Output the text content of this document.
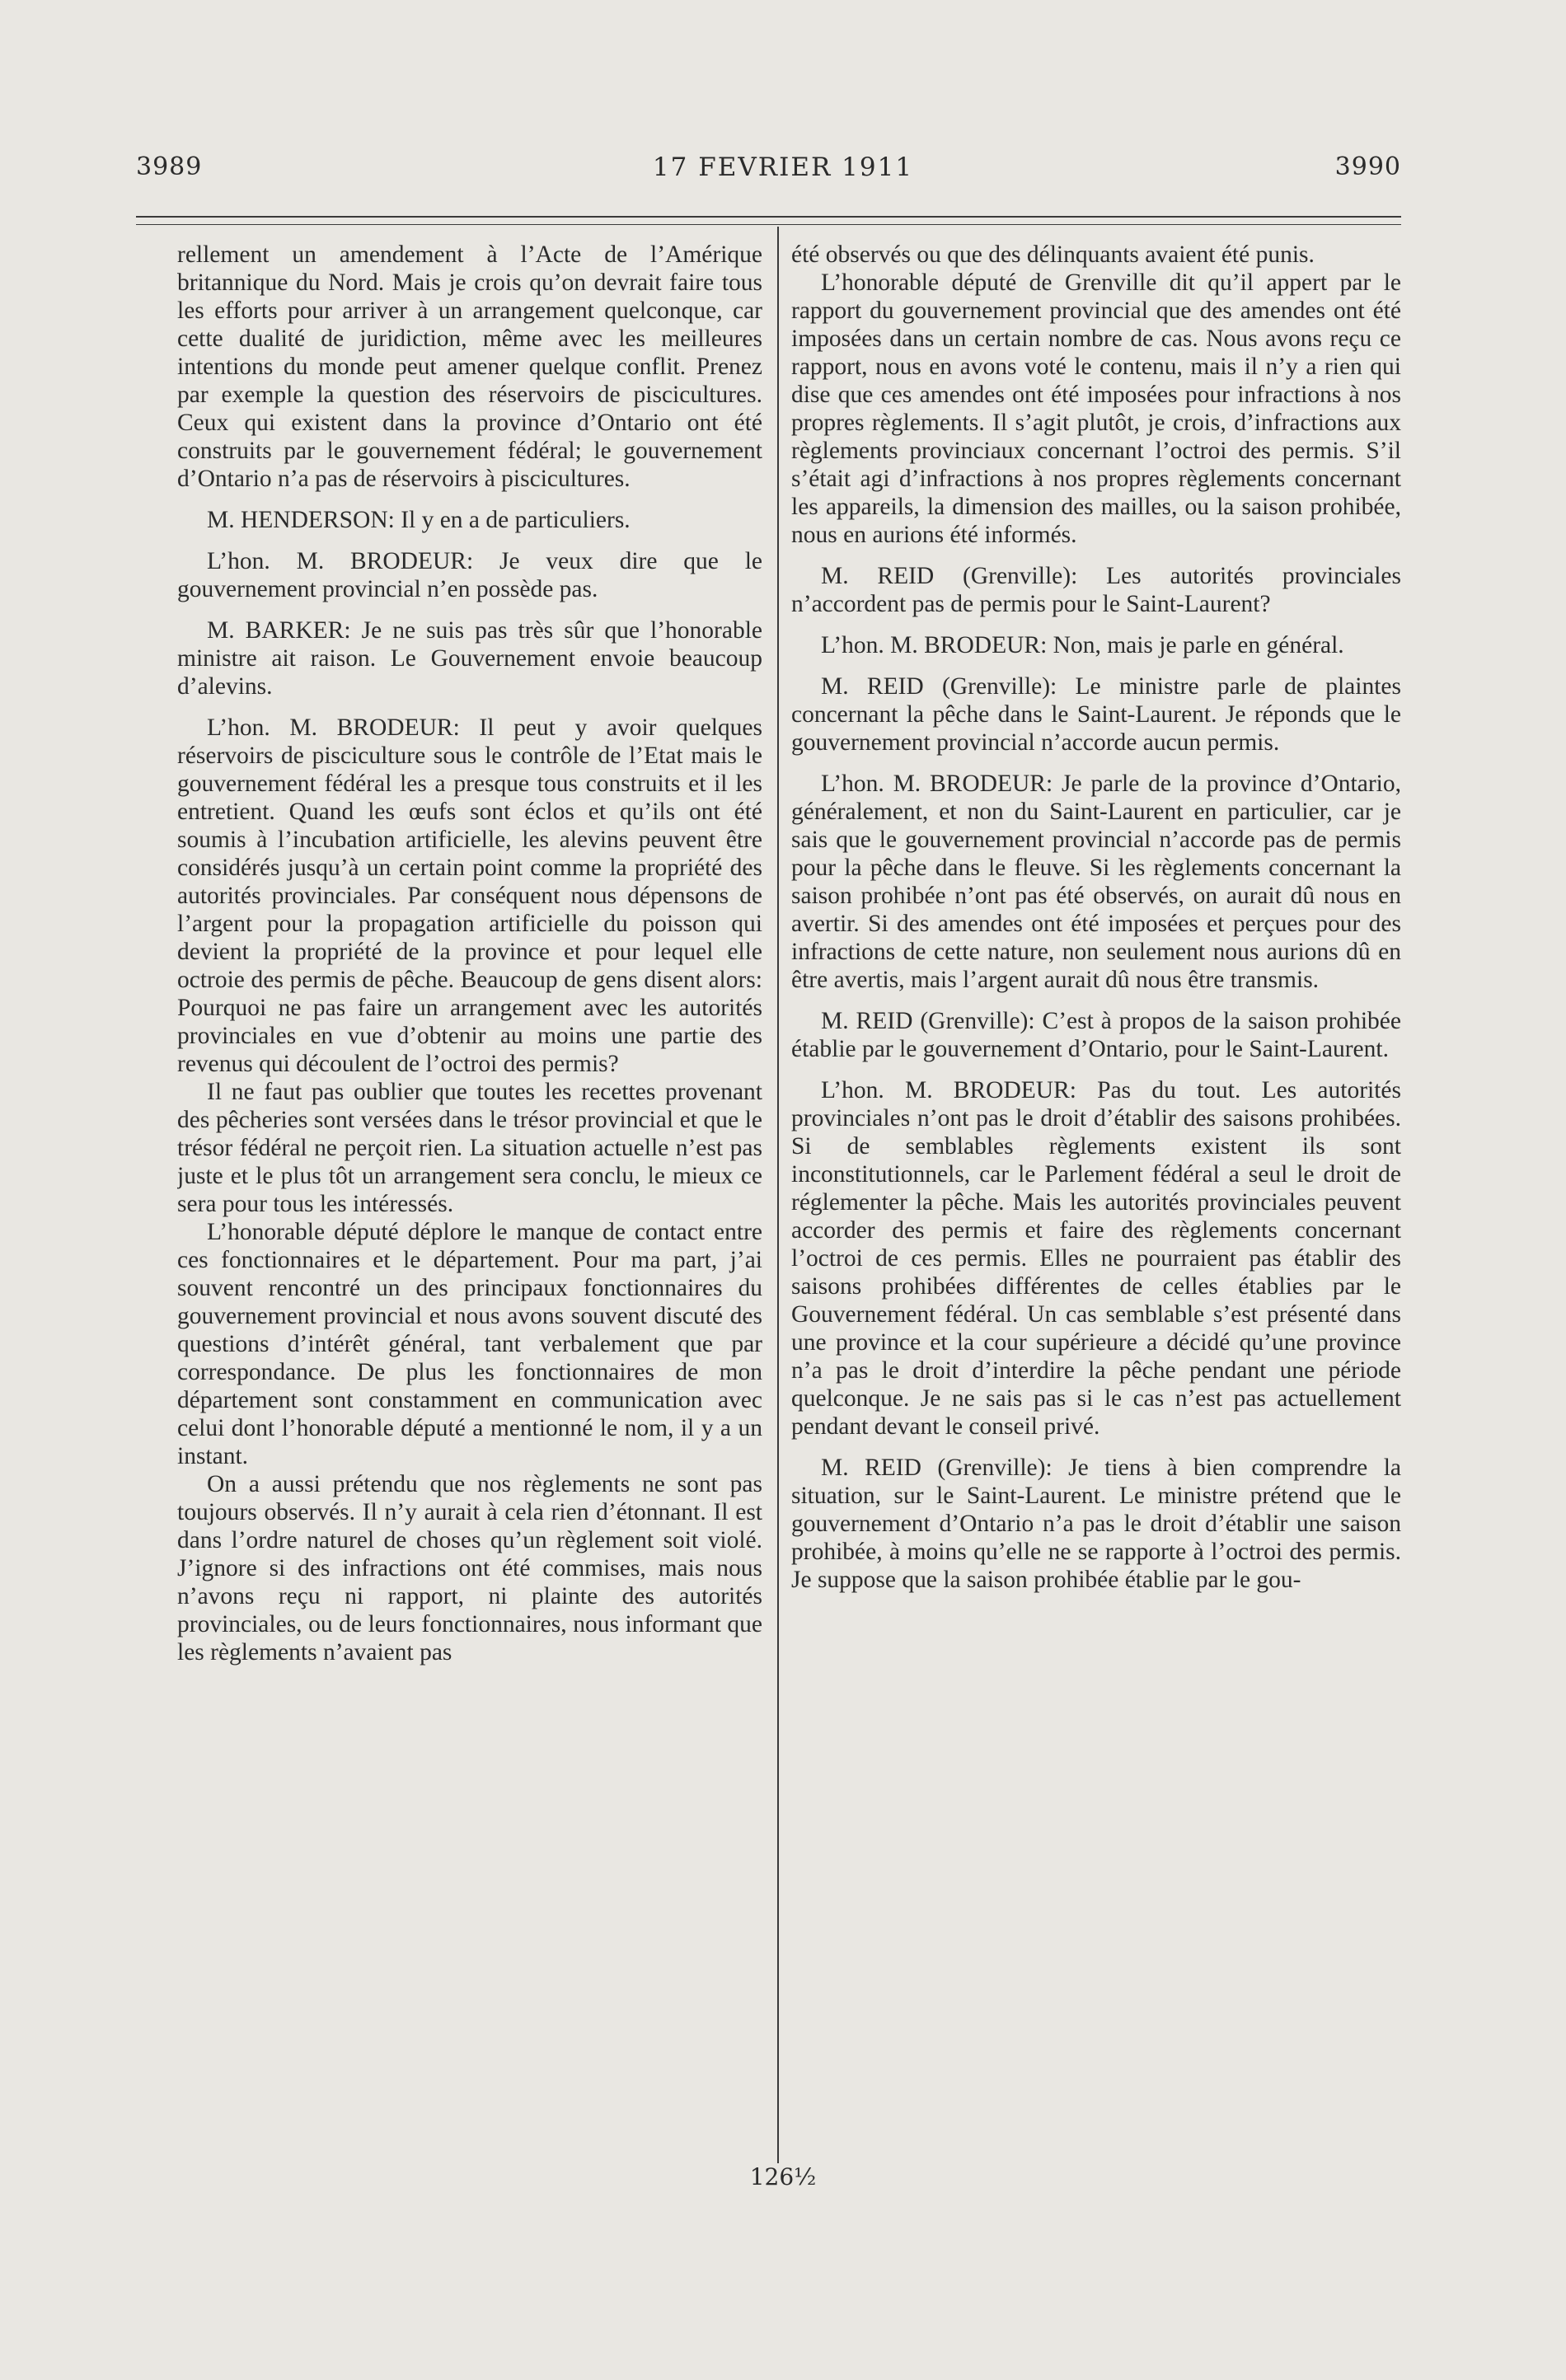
3989	17 FEVRIER 1911	3990

rellement un amendement à l’Acte de l’Amérique britannique du Nord. Mais je crois qu’on devrait faire tous les efforts pour arriver à un arrangement quelconque, car cette dualité de juridiction, même avec les meilleures intentions du monde peut amener quelque conflit. Prenez par exemple la question des réservoirs de piscicultures. Ceux qui existent dans la province d’Ontario ont été construits par le gouvernement fédéral; le gouvernement d’Ontario n’a pas de réservoirs à piscicultures.

M. HENDERSON: Il y en a de particuliers.

L’hon. M. BRODEUR: Je veux dire que le gouvernement provincial n’en possède pas.

M. BARKER: Je ne suis pas très sûr que l’honorable ministre ait raison. Le Gouvernement envoie beaucoup d’alevins.

L’hon. M. BRODEUR: Il peut y avoir quelques réservoirs de pisciculture sous le contrôle de l’Etat mais le gouvernement fédéral les a presque tous construits et il les entretient. Quand les œufs sont éclos et qu’ils ont été soumis à l’incubation artificielle, les alevins peuvent être considérés jusqu’à un certain point comme la propriété des autorités provinciales. Par conséquent nous dépensons de l’argent pour la propagation artificielle du poisson qui devient la propriété de la province et pour lequel elle octroie des permis de pêche. Beaucoup de gens disent alors: Pourquoi ne pas faire un arrangement avec les autorités provinciales en vue d’obtenir au moins une partie des revenus qui découlent de l’octroi des permis?

Il ne faut pas oublier que toutes les recettes provenant des pêcheries sont versées dans le trésor provincial et que le trésor fédéral ne perçoit rien. La situation actuelle n’est pas juste et le plus tôt un arrangement sera conclu, le mieux ce sera pour tous les intéressés.

L’honorable député déplore le manque de contact entre ces fonctionnaires et le département. Pour ma part, j’ai souvent rencontré un des principaux fonctionnaires du gouvernement provincial et nous avons souvent discuté des questions d’intérêt général, tant verbalement que par correspondance. De plus les fonctionnaires de mon département sont constamment en communication avec celui dont l’honorable député a mentionné le nom, il y a un instant.

On a aussi prétendu que nos règlements ne sont pas toujours observés. Il n’y aurait à cela rien d’étonnant. Il est dans l’ordre naturel de choses qu’un règlement soit violé. J’ignore si des infractions ont été commises, mais nous n’avons reçu ni rapport, ni plainte des autorités provinciales, ou de leurs fonctionnaires, nous informant que les règlements n’avaient pas

été observés ou que des délinquants avaient été punis.

L’honorable député de Grenville dit qu’il appert par le rapport du gouvernement provincial que des amendes ont été imposées dans un certain nombre de cas. Nous avons reçu ce rapport, nous en avons voté le contenu, mais il n’y a rien qui dise que ces amendes ont été imposées pour infractions à nos propres règlements. Il s’agit plutôt, je crois, d’infractions aux règlements provinciaux concernant l’octroi des permis. S’il s’était agi d’infractions à nos propres règlements concernant les appareils, la dimension des mailles, ou la saison prohibée, nous en aurions été informés.

M. REID (Grenville): Les autorités provinciales n’accordent pas de permis pour le Saint-Laurent?

L’hon. M. BRODEUR: Non, mais je parle en général.

M. REID (Grenville): Le ministre parle de plaintes concernant la pêche dans le Saint-Laurent. Je réponds que le gouvernement provincial n’accorde aucun permis.

L’hon. M. BRODEUR: Je parle de la province d’Ontario, généralement, et non du Saint-Laurent en particulier, car je sais que le gouvernement provincial n’accorde pas de permis pour la pêche dans le fleuve. Si les règlements concernant la saison prohibée n’ont pas été observés, on aurait dû nous en avertir. Si des amendes ont été imposées et perçues pour des infractions de cette nature, non seulement nous aurions dû en être avertis, mais l’argent aurait dû nous être transmis.

M. REID (Grenville): C’est à propos de la saison prohibée établie par le gouvernement d’Ontario, pour le Saint-Laurent.

L’hon. M. BRODEUR: Pas du tout. Les autorités provinciales n’ont pas le droit d’établir des saisons prohibées. Si de semblables règlements existent ils sont inconstitutionnels, car le Parlement fédéral a seul le droit de réglementer la pêche. Mais les autorités provinciales peuvent accorder des permis et faire des règlements concernant l’octroi de ces permis. Elles ne pourraient pas établir des saisons prohibées différentes de celles établies par le Gouvernement fédéral. Un cas semblable s’est présenté dans une province et la cour supérieure a décidé qu’une province n’a pas le droit d’interdire la pêche pendant une période quelconque. Je ne sais pas si le cas n’est pas actuellement pendant devant le conseil privé.

M. REID (Grenville): Je tiens à bien comprendre la situation, sur le Saint-Laurent. Le ministre prétend que le gouvernement d’Ontario n’a pas le droit d’établir une saison prohibée, à moins qu’elle ne se rapporte à l’octroi des permis. Je suppose que la saison prohibée établie par le gou-

126½
